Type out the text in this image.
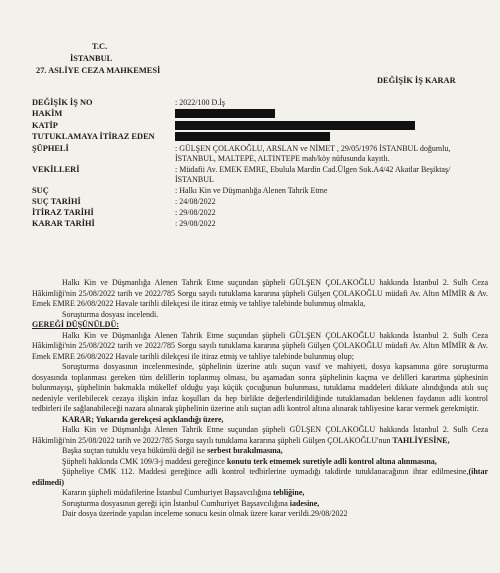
T.C.
İSTANBUL
27. ASLİYE CEZA MAHKEMESİ
DEĞİŞİK İŞ KARAR
DEĞİŞİK İŞ NO	: 2022/100 D.İş
HAKİM
KATİP
TUTUKLAMAYA İTİRAZ EDEN
ŞÜPHELİ	: GÜLŞEN ÇOLAKOĞLU, ARSLAN ve NİMET , 29/05/1976 İSTANBUL doğumlu, İSTANBUL, MALTEPE, ALTINTEPE mah/köy nüfusunda kayıtlı.
VEKİLLERİ	: Müdafii Av. EMEK EMRE, Ebulula Mardin Cad.Ülgen Sok.A4/42 Akatlar Beşiktaş/ İSTANBUL
SUÇ	: Halkı Kin ve Düşmanlığa Alenen Tahrik Etme
SUÇ TARİHİ	: 24/08/2022
İTİRAZ TARİHİ	: 29/08/2022
KARAR TARİHİ	: 29/08/2022

Halkı Kin ve Düşmanlığa Alenen Tahrik Etme suçundan şüpheli GÜLŞEN ÇOLAKOĞLU hakkında İstanbul 2. Sulh Ceza Hâkimliği'nin 25/08/2022 tarih ve 2022/785 Sorgu sayılı tutuklama kararına şüpheli Gülşen ÇOLAKOĞLU müdafi Av. Altın MİMİR & Av. Emek EMRE 26/08/2022 Havale tarihli dilekçesi ile itiraz etmiş ve tahliye talebinde bulunmuş olmakla,

Soruşturma dosyası incelendi.

GEREĞİ DÜŞÜNÜLDÜ:

Halkı Kin ve Düşmanlığa Alenen Tahrik Etme suçundan şüpheli GÜLŞEN ÇOLAKOĞLU hakkında İstanbul 2. Sulh Ceza Hâkimliği'nin 25/08/2022 tarih ve 2022/785 Sorgu sayılı tutuklama kararına şüpheli Gülşen ÇOLAKOĞLU müdafi Av. Altın MİMİR & Av. Emek EMRE 26/08/2022 Havale tarihli dilekçesi ile itiraz etmiş ve tahliye talebinde bulunmuş olup;

Soruşturma dosyasının incelenmesinde, şüphelinin üzerine atılı suçun vasıf ve mahiyeti, dosya kapsamına göre soruşturma dosyasında toplanması gereken tüm delillerin toplanmış olması, bu aşamadan sonra şüphelinin kaçma ve delilleri karartma şüphesinin bulunmayışı, şüphelinin bakmakla mükellef olduğu yaşı küçük çocuğunun bulunması, tutuklama maddeleri dikkate alındığında atılı suç nedeniyle verilebilecek cezaya ilişkin infaz koşulları da hep birlikte değerlendirildiğinde tutuklamadan beklenen faydanın adli kontrol tedbirleri ile sağlanabileceği nazara alınarak şüphelinin üzerine atılı suçtan adli kontrol altına alınarak tahliyesine karar vermek gerekmiştir.

KARAR; Yukarıda gerekçesi açıklandığı üzere,

Halkı Kin ve Düşmanlığa Alenen Tahrik Etme suçundan şüpheli GÜLŞEN ÇOLAKOĞLU hakkında İstanbul 2. Sulh Ceza Hâkimliği'nin 25/08/2022 tarih ve 2022/785 Sorgu sayılı tutuklama kararına şüpheli Gülşen ÇOLAKOĞLU'nun TAHLİYESİNE,

Başka suçtan tutuklu veya hükümlü değil ise serbest bırakılmasına,

Şüpheli hakkında CMK 109/3-j maddesi gereğince konutu terk etmemek suretiyle adli kontrol altına alınmasına,

Şüpheliye CMK 112. Maddesi gereğince adli kontrol tedbirlerine uymadığı takdirde tutuklanacağının ihtar edilmesine,(ihtar edilmedi)

Kararın şüpheli müdafilerine İstanbul Cumhuriyet Başsavcılığına tebliğine,

Soruşturma dosyasının gereği için İstanbul Cumhuriyet Başsavcılığına iadesine,

Dair dosya üzerinde yapılan inceleme sonucu kesin olmak üzere karar verildi.29/08/2022
